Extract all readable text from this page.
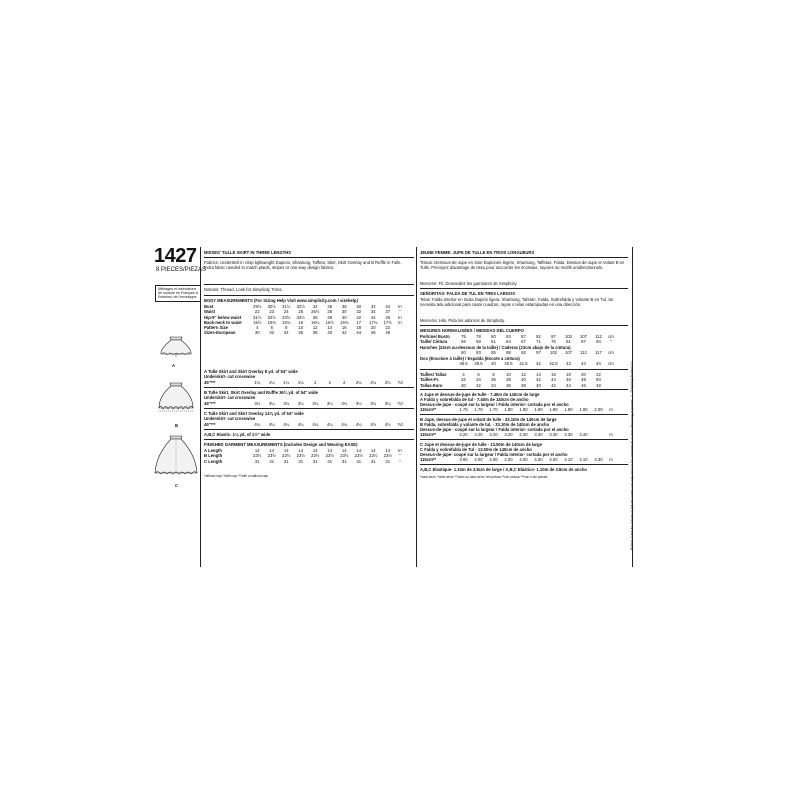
1427
8 PIECES/PIEZAS
Métrages et instructions de couture en Français à l'intérieur de l'enveloppe.
A
B
C
MISSES' TULLE SKIRT IN THREE LENGTHS
Fabrics: Underskirt in crisp lightweight Dupioni, Shantung, Taffeta. Skirt, Skirt Overlay and B Ruffle in Tulle. Extra fabric needed to match plaids, stripes or one-way design fabrics.
Notions: Thread. Look for Simplicity Trims.
BODY MEASUREMENTS (For Sizing Help Visit www.simplicity.com / sizehelp)
Bust	29½	30½	31½	32½	34	36	38	40	42	44	In
Waist	22	23	24	25	26½	28	30	32	34	37	"
Hip-9" below waist	31½	32½	33½	34½	36	38	40	42	44	46	In
Back-neck to waist	15½	15¾	15¾	16	16¼	16½	16¾	17	17¼	17½	In
Pattern Size	4	6	8	10	12	14	16	18	20	22
Sizes-European	30	32	34	36	38	40	42	44	46	48
A Tulle Skirt and Skirt Overlay 8 yd. of 54" wide
Underskirt- cut crosswise
45"***	1¼	1¼	1¼	1¼	2	2	2	2¼	2¼	2¼	Yd
B Tulle Skirt, Skirt Overlay and Ruffle 36¾ yd. of 54" wide
Underskirt- cut crosswise
45"***	3¼	3¼	3¼	3¼	3¼	3¼	3¼	3¼	3¼	3¼	Yd
C Tulle Skirt and Skirt Overlay 14⅞ yd. of 54" wide
Underskirt- cut crosswise
45"***	4¼	4¼	4¼	4¼	4¼	4¼	4¼	4¼	4½	4½	Yd
A,B,C Elastic- 1⅛ yd. of 1½" wide
FINISHED GARMENT MEASUREMENTS (Includes Design and Wearing EASE)
A Length	14	14	14	14	14	14	14	14	14	14	In
B Length	23½	23½	23½	23½	23½	23½	23½	23½	23½	23½	"
C Length	31	31	31	31	31	31	31	31	31	31	"
*without nap **with nap ***with or without nap
JEUNE FEMME: JUPE DE TULLE EN TROIS LONGUEURS
Tissus: Dessous-de-Jupe en Soie Dupionée légère, Shantung, Taffetas. Falda, Dessus-de-Jupe et Volant B en Tulle. Prévoyez davantage de tissu pour raccorder les écossais, rayures ou motifs unidirectionnels.
Mercerie: Fil. Demandez les garnitures de Simplicity.
SEÑORITAS: FALDA DE TUL EN TRES LARGOS
Telas: Falda Interior en Seda Dupión ligera, Shantung, Tafetán. Falda, Sobrefalda y Volante B en Tul. Se necesita tela adicional para casar cuadros, rayas o telas estampadas en una dirección.
Mercería: Hilo. Pida los adornos de Simplicity.
MESURES NORMALISÉES / MEDIDAS DEL CUERPO
Poitrine/ Busto	75	78	80	83	87	92	97	102	107	112	cm
Taille/ Cintura	56	58	61	64	67	71	76	81	87	94	"
Hanches (23cm au-dessous de la taille) / Caderas (23cm abajo de la cintura)
80	83	85	88	92	97	102	107	112	117	cm
Dos (Encolure à taille) / Espalda (Escote a cintura)
38.5	39.5	40	40.5	41.5	42	42.5	43	44	44	cm
Tailles/ Tallas	4	6	8	10	12	14	16	18	20	22
Tailles-Fr.	32	34	36	38	40	42	44	46	48	50
Tallas-Euro	30	32	34	36	38	40	42	44	46	48
A Jupe et dessus-de-jupe de tulle - 7.40m de 140cm de large
A Falda y sobrefalda de tul - 7.40m de 140cm de ancho
Dessus-de-jupe - coupé sur la largeur / Falda interior- cortada por el ancho
115cm**	1.70	1.70	1.70	1.80	1.80	1.80	1.90	1.90	1.90	2.00	m
B Jupe, dessus-de-jupe et volant de tulle - 33.10m de 140cm de large
B Falda, sobrefalda y volante de tul, - 33.10m de 140cm de ancho
Dessus-de-jupe - coupé sur la largeur / Falda interior- cortada por el ancho
115cm**	3.20	3.20	3.20	3.20	3.30	3.30	3.30	3.30	3.40	m
C Jupe et dessus-de-jupe de tulle - 13.50m de 140cm de large
C Falda y sobrefalda de Tul - 13.50m de 140cm de ancho
Dessus-de-jupe- coupé sur la largeur / Falda interior- cortada por el ancho
115cm**	3.90	4.00	4.00	4.00	4.00	4.00	4.00	4.10	4.10	4.30	m
A,B,C Elastique- 1.10m de 3.8cm de large / A,B,C Elástico- 1.10m de 3.8cm de ancho
*sans sens **avec sens ***avec ou sans sens *sin pelusa **con pelusa ***con o sin pelusa	Pattern sized for individual private home use only and not for commercial or manufacturing purposes. © Simplicity Pattern Co.
